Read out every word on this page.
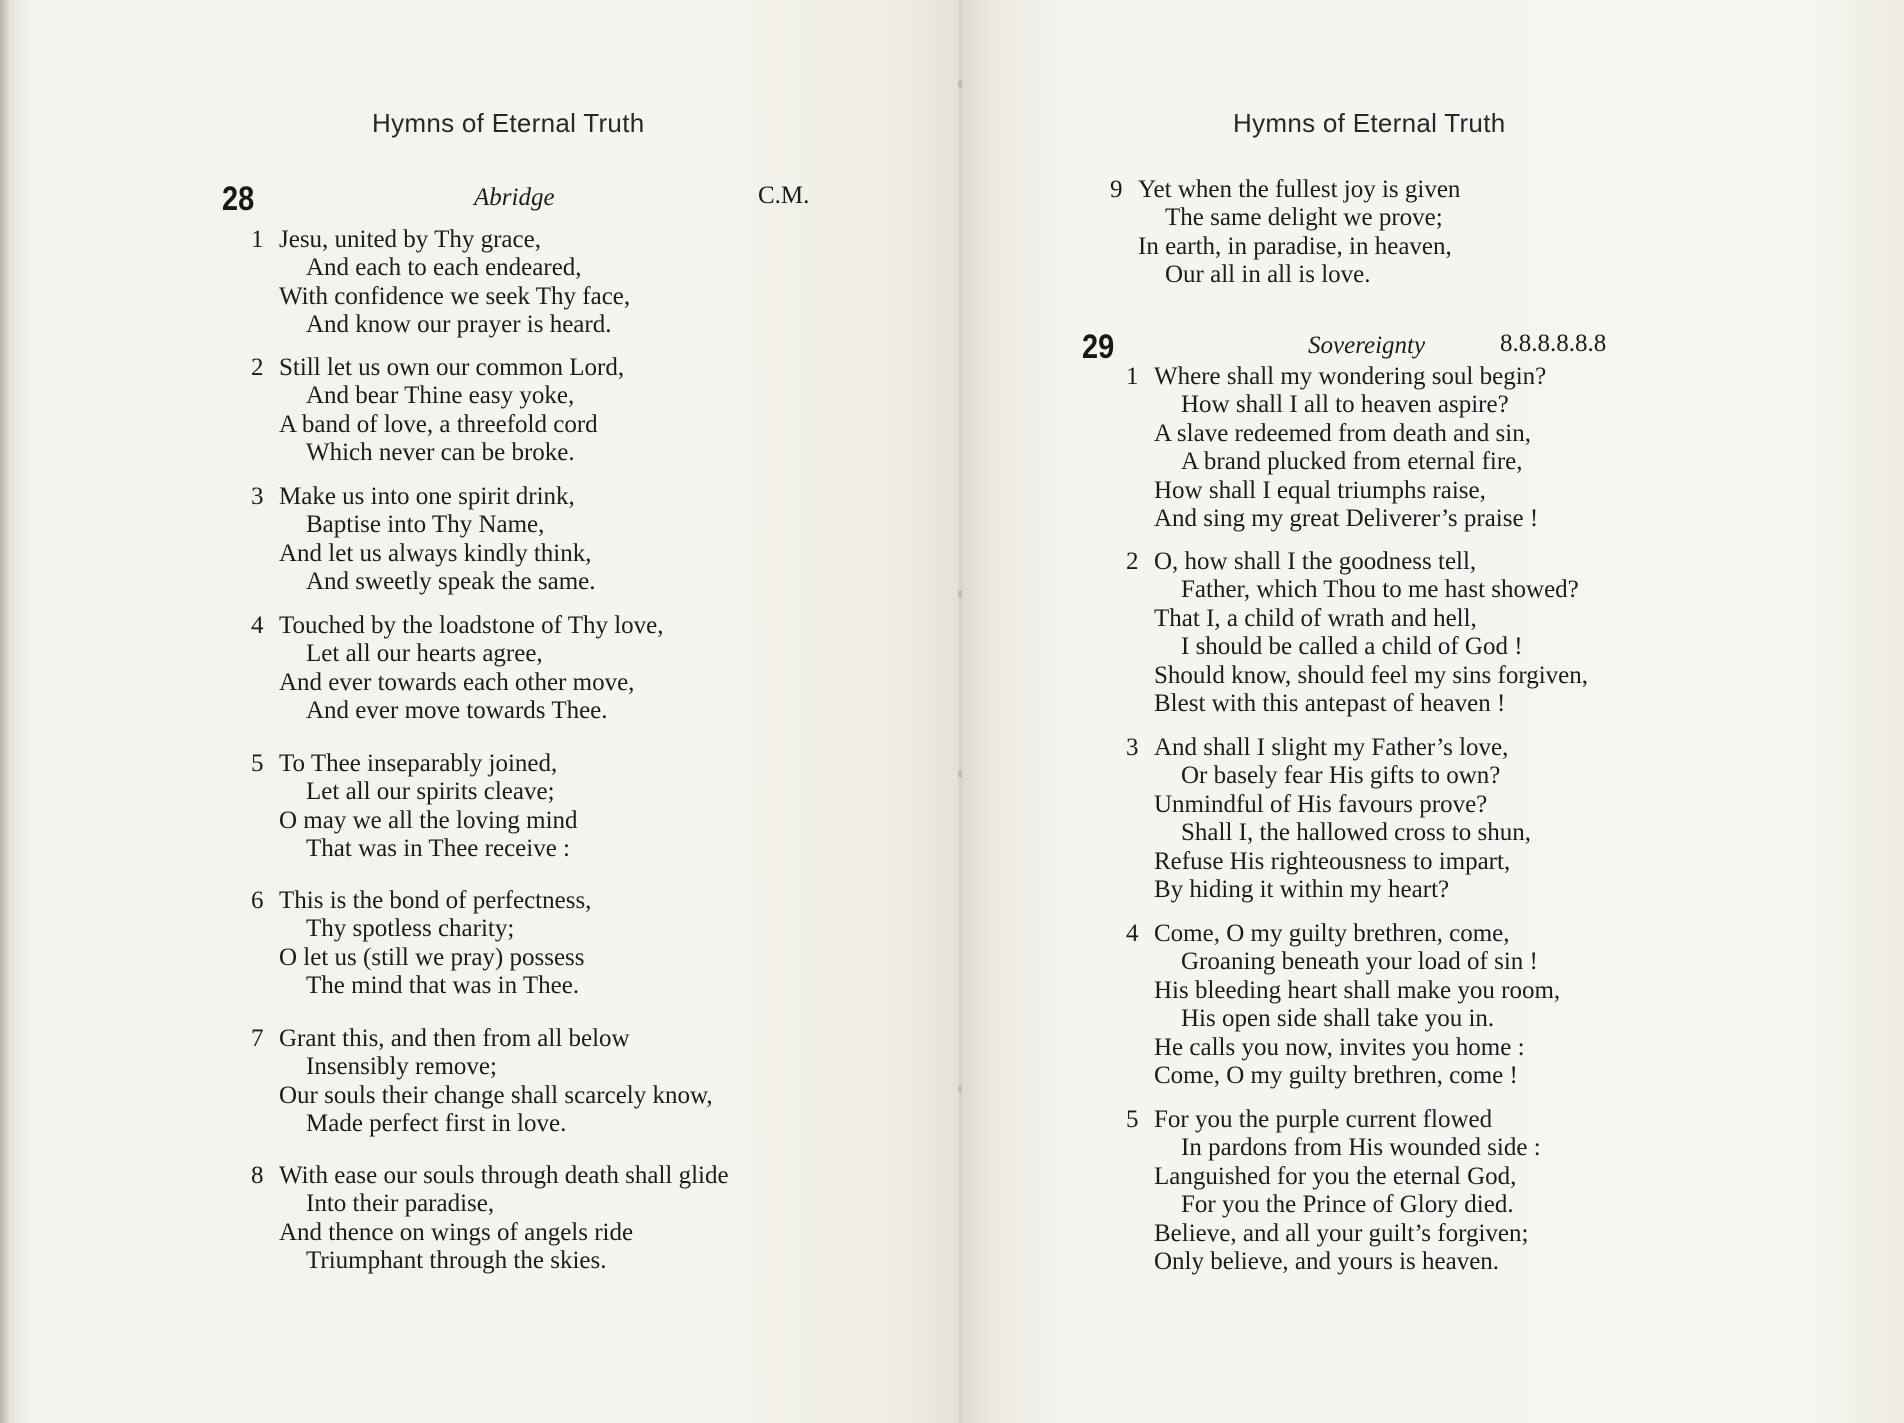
Hymns of Eternal Truth
28	Abridge	C.M.
1 Jesu, united by Thy grace,
And each to each endeared,
With confidence we seek Thy face,
And know our prayer is heard.
2 Still let us own our common Lord,
And bear Thine easy yoke,
A band of love, a threefold cord
Which never can be broke.
3 Make us into one spirit drink,
Baptise into Thy Name,
And let us always kindly think,
And sweetly speak the same.
4 Touched by the loadstone of Thy love,
Let all our hearts agree,
And ever towards each other move,
And ever move towards Thee.
5 To Thee inseparably joined,
Let all our spirits cleave;
O may we all the loving mind
That was in Thee receive :
6 This is the bond of perfectness,
Thy spotless charity;
O let us (still we pray) possess
The mind that was in Thee.
7 Grant this, and then from all below
Insensibly remove;
Our souls their change shall scarcely know,
Made perfect first in love.
8 With ease our souls through death shall glide
Into their paradise,
And thence on wings of angels ride
Triumphant through the skies.
Hymns of Eternal Truth
9 Yet when the fullest joy is given
The same delight we prove;
In earth, in paradise, in heaven,
Our all in all is love.
29	Sovereignty	8.8.8.8.8.8
1 Where shall my wondering soul begin?
How shall I all to heaven aspire?
A slave redeemed from death and sin,
A brand plucked from eternal fire,
How shall I equal triumphs raise,
And sing my great Deliverer’s praise !
2 O, how shall I the goodness tell,
Father, which Thou to me hast showed?
That I, a child of wrath and hell,
I should be called a child of God !
Should know, should feel my sins forgiven,
Blest with this antepast of heaven !
3 And shall I slight my Father’s love,
Or basely fear His gifts to own?
Unmindful of His favours prove?
Shall I, the hallowed cross to shun,
Refuse His righteousness to impart,
By hiding it within my heart?
4 Come, O my guilty brethren, come,
Groaning beneath your load of sin !
His bleeding heart shall make you room,
His open side shall take you in.
He calls you now, invites you home :
Come, O my guilty brethren, come !
5 For you the purple current flowed
In pardons from His wounded side :
Languished for you the eternal God,
For you the Prince of Glory died.
Believe, and all your guilt’s forgiven;
Only believe, and yours is heaven.
